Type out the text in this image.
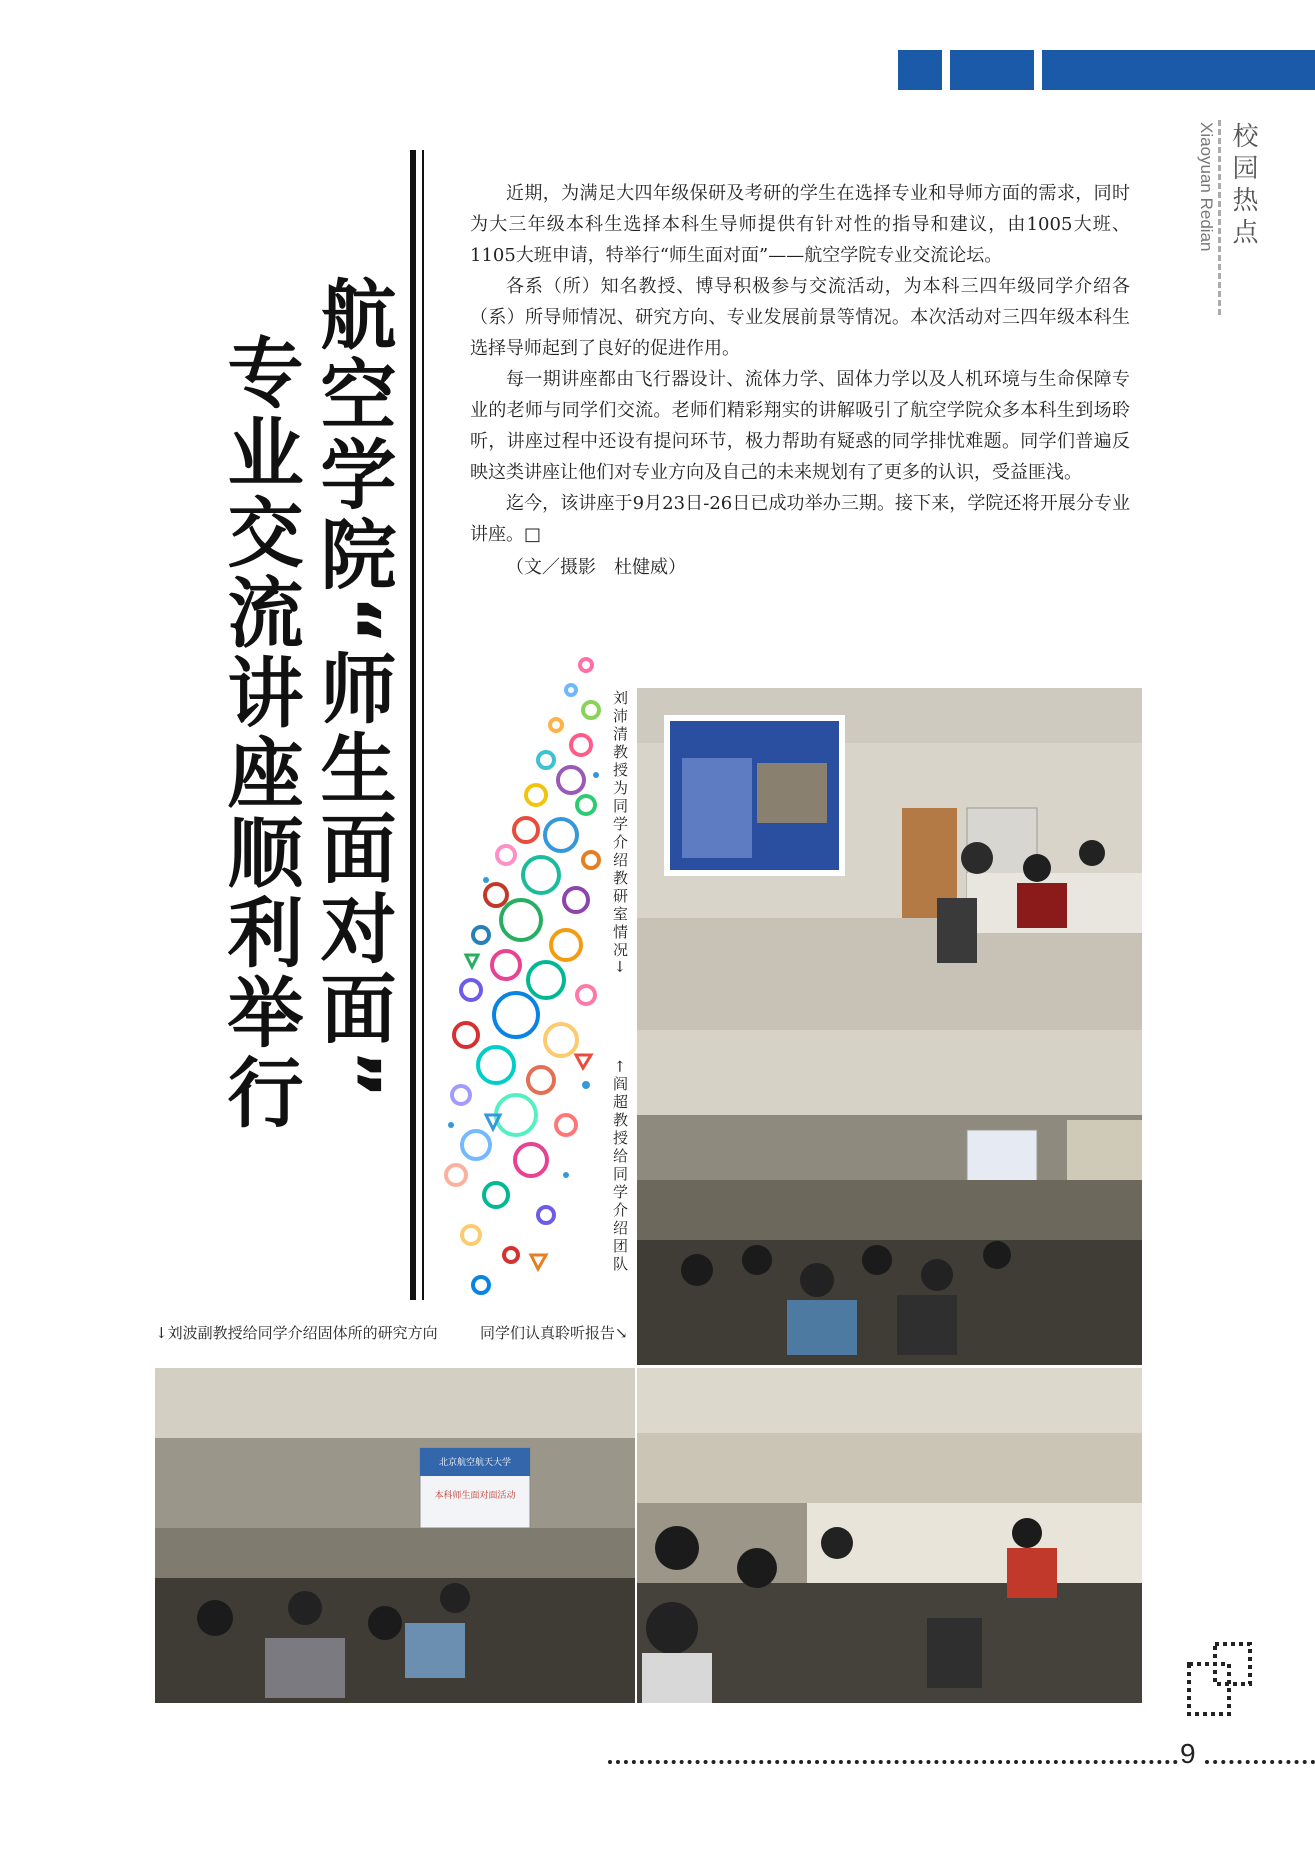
校园热点
Xiaoyuan Redian
航空学院“师生面对面”
专业交流讲座顺利举行

近期，为满足大四年级保研及考研的学生在选择专业和导师方面的需求，同时为大三年级本科生选择本科生导师提供有针对性的指导和建议，由1005大班、1105大班申请，特举行“师生面对面”——航空学院专业交流论坛。

各系（所）知名教授、博导积极参与交流活动，为本科三四年级同学介绍各（系）所导师情况、研究方向、专业发展前景等情况。本次活动对三四年级本科生选择导师起到了良好的促进作用。

每一期讲座都由飞行器设计、流体力学、固体力学以及人机环境与生命保障专业的老师与同学们交流。老师们精彩翔实的讲解吸引了航空学院众多本科生到场聆听，讲座过程中还设有提问环节，极力帮助有疑惑的同学排忧难题。同学们普遍反映这类讲座让他们对专业方向及自己的未来规划有了更多的认识，受益匪浅。

迄今，该讲座于9月23日-26日已成功举办三期。接下来，学院还将开展分专业讲座。□

（文／摄影　杜健威）

刘沛清教授为同学介绍教研室情况→
←阎超教授给同学介绍团队
↓刘波副教授给同学介绍固体所的研究方向	同学们认真聆听报告↘
北京航空航天大学
本科师生面对面活动
9
